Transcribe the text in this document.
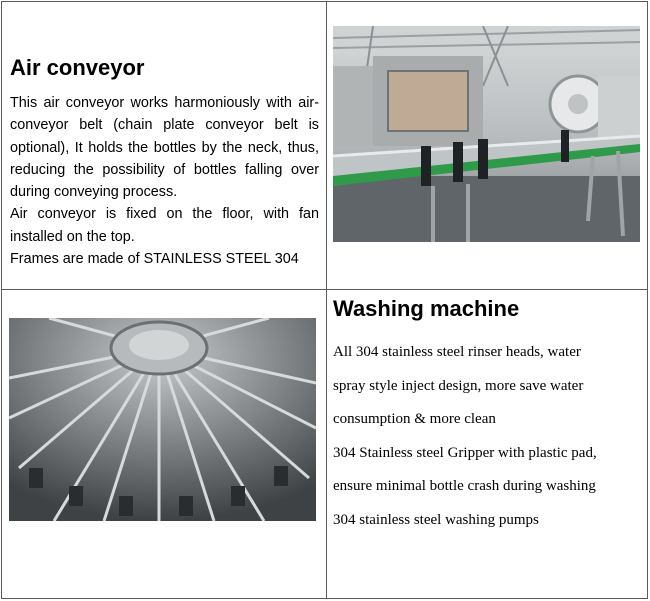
Air conveyor

This air conveyor works harmoniously with air-conveyor belt (chain plate conveyor belt is optional), It holds the bottles by the neck, thus, reducing the possibility of bottles falling over during conveying process.

Air conveyor is fixed on the floor, with fan installed on the top.

Frames are made of STAINLESS STEEL 304

Washing machine

All 304 stainless steel rinser heads, water

spray style inject design, more save water

consumption & more clean

304 Stainless steel Gripper with plastic pad,

ensure minimal bottle crash during washing

304 stainless steel washing pumps
